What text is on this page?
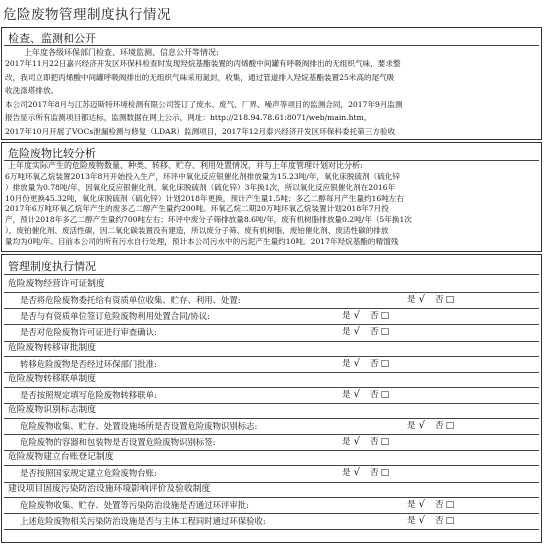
危险废物管理制度执行情况
检查、监测和公开
上年度各级环保部门检查、环境监测、信息公开等情况:
2017年11月22日嘉兴经济开发区环保科检查时发现羟烷基酯装置的丙烯酸中间罐有呼吸阀排出的无组织气味，要求整
改，我司立即把丙烯酸中间罐呼吸阀排出的无组织气味采用氮封，收集，通过管道排入羟烷基酯装置25米高的尾气吸
收洗涤塔排放。
本公司2017年8月与江苏迈斯特环境检测有限公司签订了废水、废气、厂界、噪声等项目的监测合同，2017年9月监测
报告显示所有监测项目都达标，监测数据在网上公示，网址：http://218.94.78.61:8071/web/main.htm。
2017年10月开展了VOCs泄漏检测与修复（LDAR）监测项目，2017年12月泰兴经济开发区环保科委托第三方验收
危险废物比较分析
上年度实际产生的危险废物数量、种类、转移、贮存、利用处置情况，并与上年度管理计划对比分析:
6万吨环氧乙烷装置2013年8月开始投入生产，环评中氧化反应银催化剂排放量为15.23吨/年，氧化床脱硫剂（硫化锌
）排放量为0.78吨/年，因氧化反应银催化剂、氧化床脱硫剂（硫化锌）3年换1次，所以氧化反应银催化剂在2016年
10月份更换45.32吨，氧化床脱硫剂（硫化锌）计划2018年更换，预计产生量1.5吨；多乙二醇每月产生量约16吨左右
2017年6万吨环氧乙烷年产生的废多乙二醇产生量约200吨。环氧乙烷二期20万吨环氧乙烷装置计划2018年7月投
产，预计2018年多乙二醇产生量约700吨左右；环评中废分子筛排放量8.6吨/年，废有机树脂排放量0.2吨/年（5年换1次
），废铂催化剂、废活性碳，因二氧化碳装置没有建造，所以废分子筛、废有机树脂、废铂催化剂、废活性碳的排放
量均为0吨/年。目前本公司的所有污水自行处理，预计本公司污水中的污泥产生量约10吨。2017年羟烷基酯的精馏残
管理制度执行情况
危险废物经营许可证制度
是否将危险废物委托给有资质单位收集、贮存、利用、处置:	是 √ 否 □
是否与有资质单位签订危险废物利用处置合同/协议:	是 √ 否 □
是否对危险废物许可证进行审查确认:	是 √ 否 □
危险废物转移审批制度
转移危险废物是否经过环保部门批准:	是 √ 否 □
危险废物转移联单制度
是否按照规定填写危险废物转移联单:	是 √ 否 □
危险废物识别标志制度
危险废物收集、贮存、处置设施场所是否设置危险废物识别标志:	是 √ 否 □
危险废物的容器和包装物是否设置危险废物识别标签:	是 √ 否 □
危险废物建立台账登记制度
是否按照国家规定建立危险废物台账:	是 √ 否 □
建设项目固废污染防治设施环境影响评价及验收制度
危险废物收集、贮存、处置等污染防治设施是否通过环评审批:	是 √ 否 □
上述危险废物相关污染防治设施是否与主体工程同时通过环保验收:	是 √ 否 □
